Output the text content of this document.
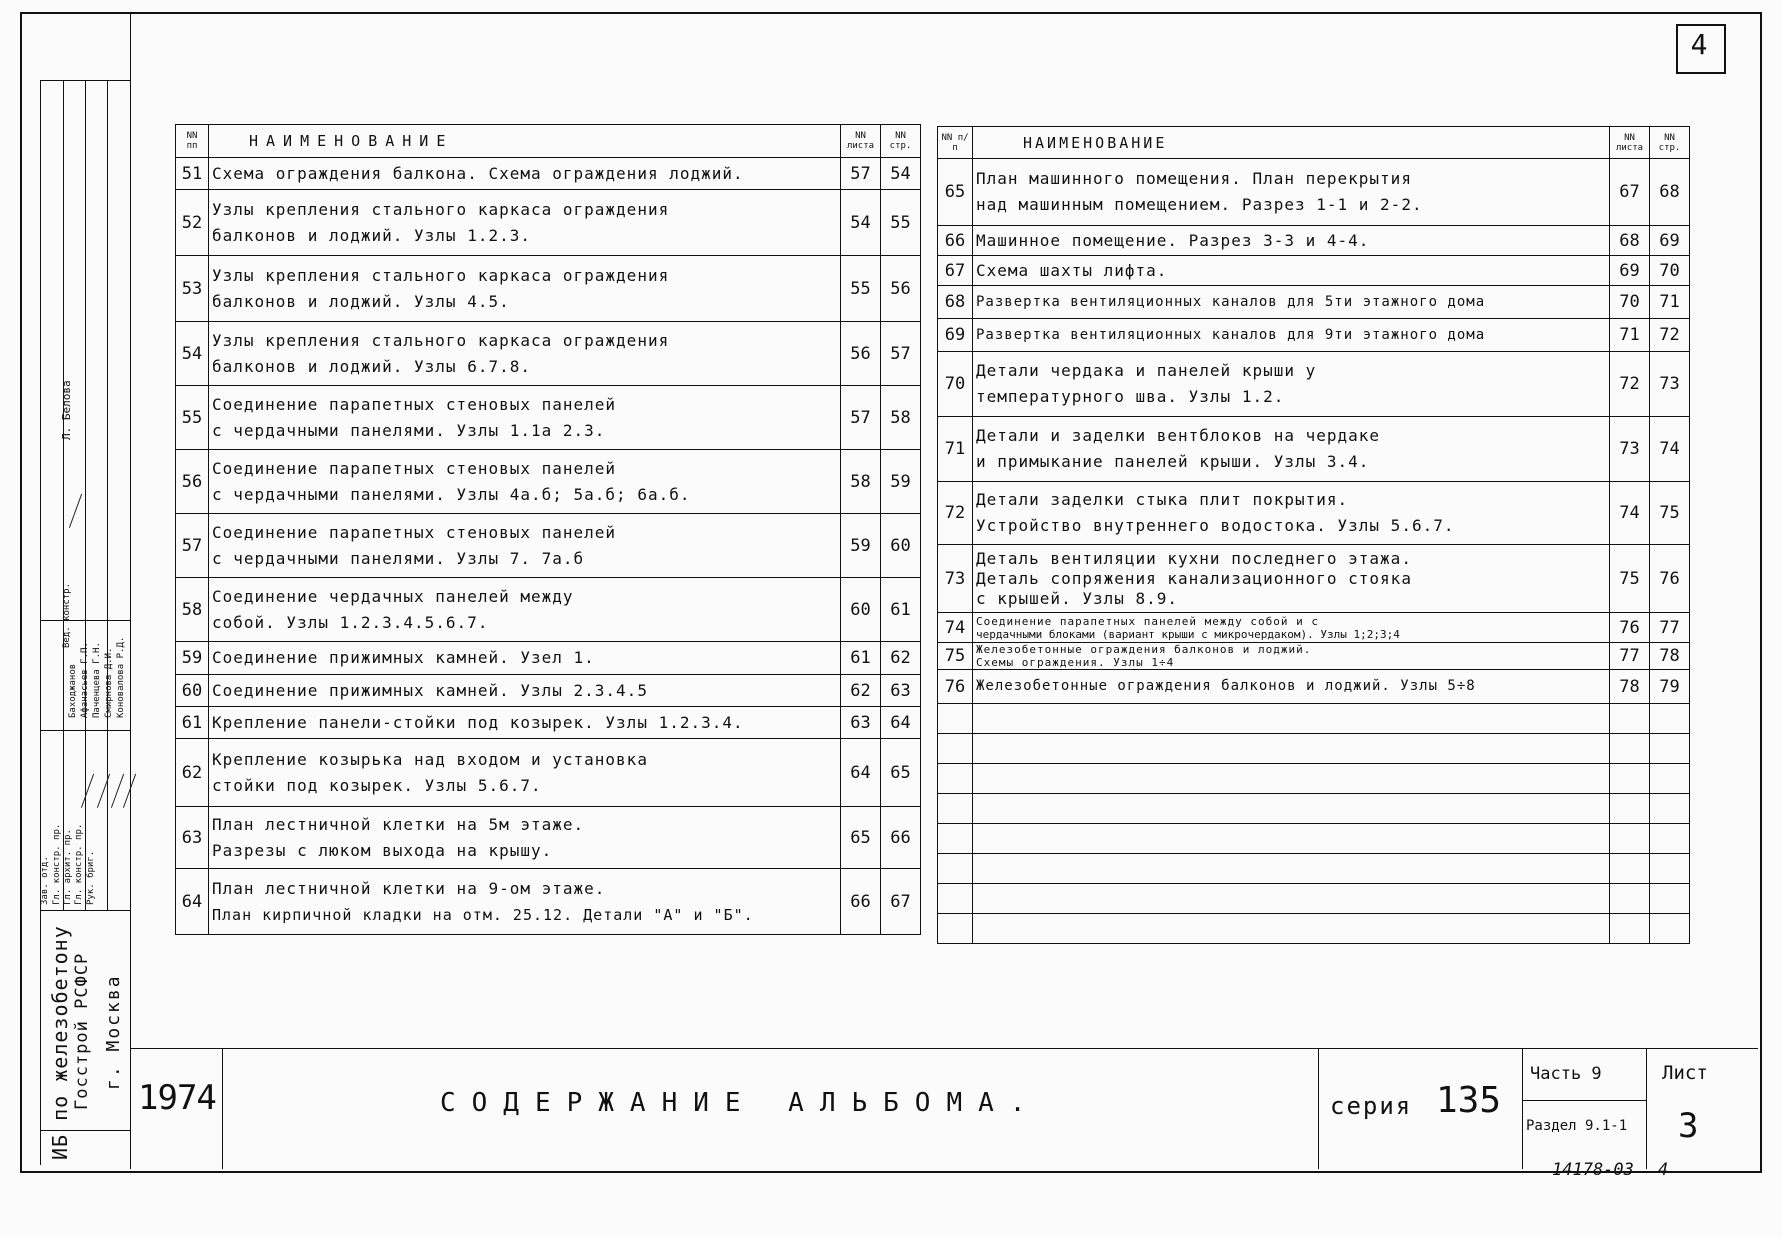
4
NN пп	НАИМЕНОВАНИЕ	NN листа	NN стр.
51	Схема ограждения балкона. Схема ограждения лоджий.	57	54
52	Узлы крепления стального каркаса ограждения
балконов и лоджий. Узлы 1.2.3.	54	55
53	Узлы крепления стального каркаса ограждения
балконов и лоджий. Узлы 4.5.	55	56
54	Узлы крепления стального каркаса ограждения
балконов и лоджий. Узлы 6.7.8.	56	57
55	Соединение парапетных стеновых панелей
с чердачными панелями. Узлы 1.1а 2.3.	57	58
56	Соединение парапетных стеновых панелей
с чердачными панелями. Узлы 4а.б; 5а.б; 6а.б.	58	59
57	Соединение парапетных стеновых панелей
с чердачными панелями. Узлы 7. 7а.б	59	60
58	Соединение чердачных панелей между
собой. Узлы 1.2.3.4.5.6.7.	60	61
59	Соединение прижимных камней. Узел 1.	61	62
60	Соединение прижимных камней. Узлы 2.3.4.5	62	63
61	Крепление панели-стойки под козырек. Узлы 1.2.3.4.	63	64
62	Крепление козырька над входом и установка
стойки под козырек. Узлы 5.6.7.	64	65
63	План лестничной клетки на 5м этаже.
Разрезы с люком выхода на крышу.	65	66
64	План лестничной клетки на 9-ом этаже.
План кирпичной кладки на отм. 25.12. Детали "А" и "Б".	66	67
NN п/п	НАИМЕНОВАНИЕ	NN листа	NN стр.
65	План машинного помещения. План перекрытия
над машинным помещением. Разрез 1-1 и 2-2.	67	68
66	Машинное помещение. Разрез 3-3 и 4-4.	68	69
67	Схема шахты лифта.	69	70
68	Развертка вентиляционных каналов для 5ти этажного дома	70	71
69	Развертка вентиляционных каналов для 9ти этажного дома	71	72
70	Детали чердака и панелей крыши у
температурного шва. Узлы 1.2.	72	73
71	Детали и заделки вентблоков на чердаке
и примыкание панелей крыши. Узлы 3.4.	73	74
72	Детали заделки стыка плит покрытия.
Устройство внутреннего водостока. Узлы 5.6.7.	74	75
73	Деталь вентиляции кухни последнего этажа.
Деталь сопряжения канализационного стояка
с крышей. Узлы 8.9.	75	76
74	Соединение парапетных панелей между собой и с
чердачными блоками (вариант крыши с микрочердаком). Узлы 1;2;3;4	76	77
75	Железобетонные ограждения балконов и лоджий.
Схемы ограждения. Узлы 1÷4	77	78
76	Железобетонные ограждения балконов и лоджий. Узлы 5÷8	78	79

Зав. отд. Гл. констр. пр. Гл. архит. пр. Гл. констр. пр. Рук. бриг.
Вед. констр.
Баходжанов Афанасьев Г.П. Паченцева Г.Н. Смирнова Д.И. Коновалова Р.Д.
Л. Белова
ИБ по железобетону Госстрой РСФСР г. Москва
1974	СОДЕРЖАНИЕ АЛЬБОМА.	серия 135
Часть 9
Раздел 9.1-1
Лист
3
14178-03 4
